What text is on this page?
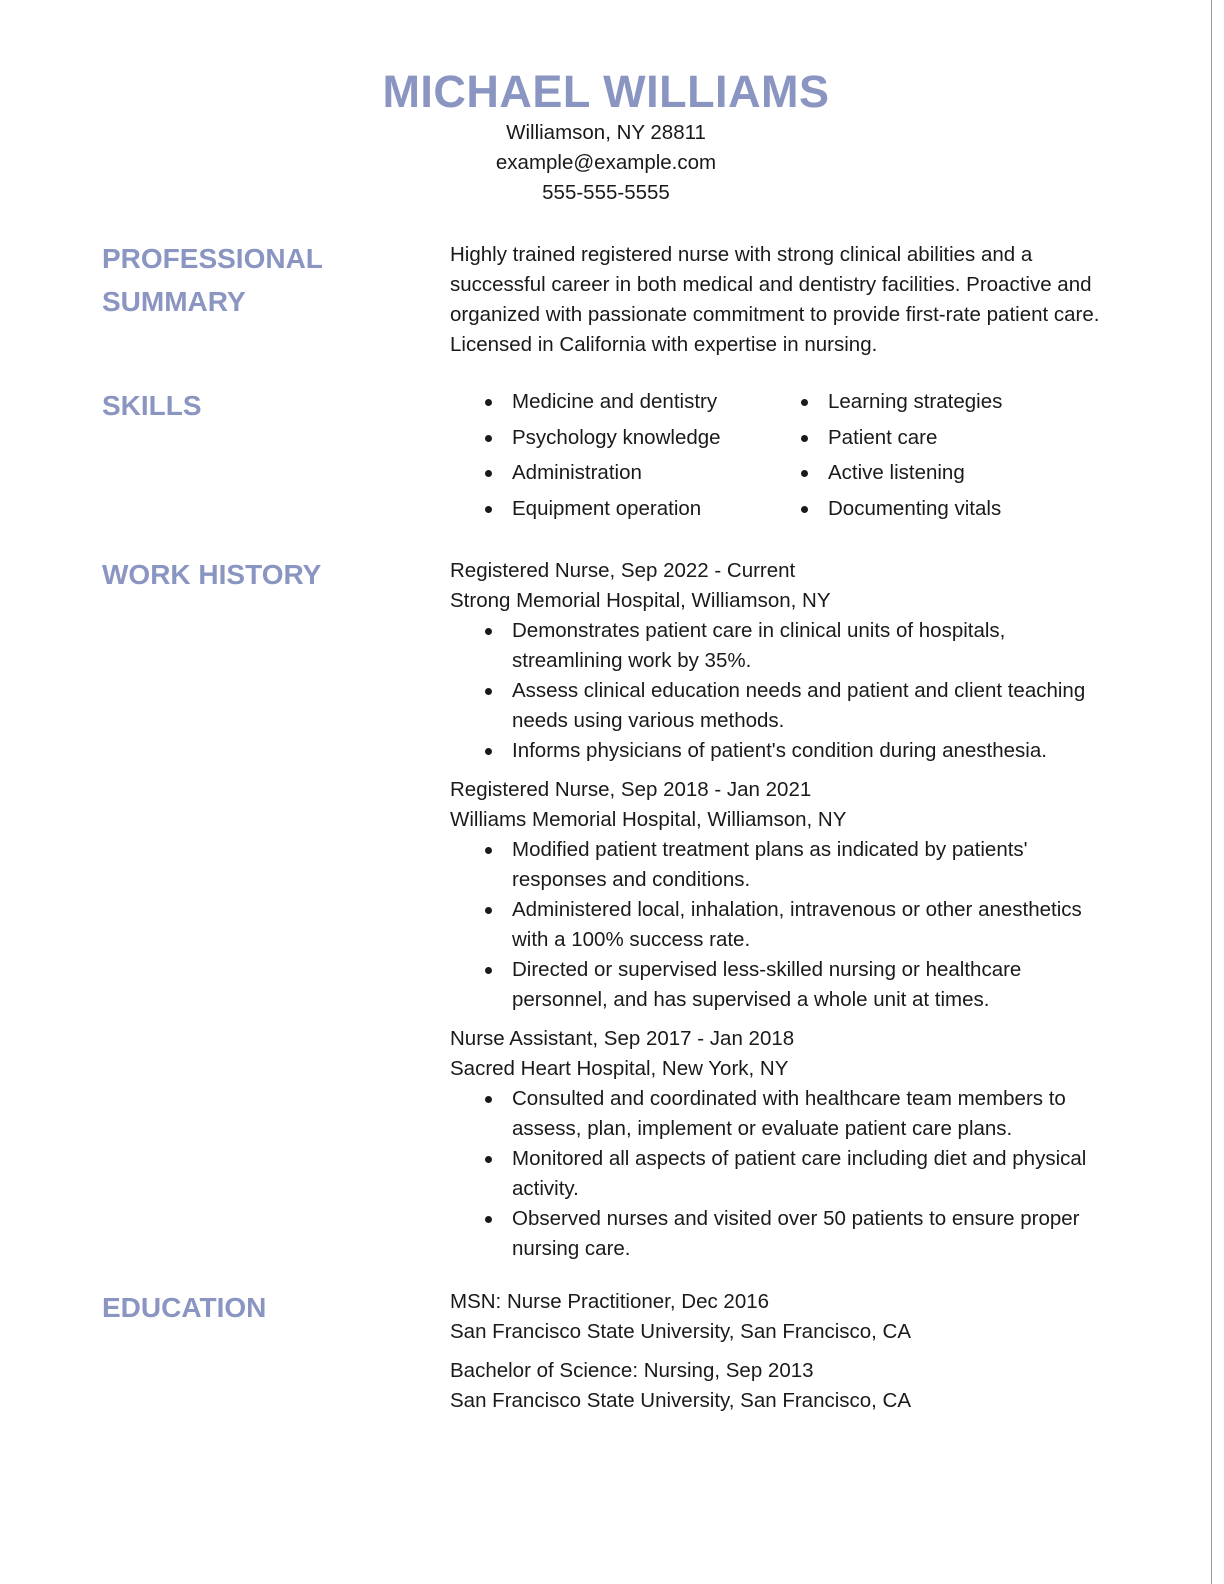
MICHAEL WILLIAMS
Williamson, NY 28811
example@example.com
555-555-5555
PROFESSIONAL
SUMMARY

Highly trained registered nurse with strong clinical abilities and a successful career in both medical and dentistry facilities. Proactive and organized with passionate commitment to provide first-rate patient care. Licensed in California with expertise in nursing.

SKILLS	Medicine and dentistry
Psychology knowledge
Administration
Equipment operation
Learning strategies
Patient care
Active listening
Documenting vitals
WORK HISTORY	Registered Nurse, Sep 2022 - Current
Strong Memorial Hospital, Williamson, NY
Demonstrates patient care in clinical units of hospitals, streamlining work by 35%.
Assess clinical education needs and patient and client teaching needs using various methods.
Informs physicians of patient's condition during anesthesia.
Registered Nurse, Sep 2018 - Jan 2021
Williams Memorial Hospital, Williamson, NY
Modified patient treatment plans as indicated by patients' responses and conditions.
Administered local, inhalation, intravenous or other anesthetics with a 100% success rate.
Directed or supervised less-skilled nursing or healthcare personnel, and has supervised a whole unit at times.
Nurse Assistant, Sep 2017 - Jan 2018
Sacred Heart Hospital, New York, NY
Consulted and coordinated with healthcare team members to assess, plan, implement or evaluate patient care plans.
Monitored all aspects of patient care including diet and physical activity.
Observed nurses and visited over 50 patients to ensure proper nursing care.
EDUCATION	MSN: Nurse Practitioner, Dec 2016
San Francisco State University, San Francisco, CA
Bachelor of Science: Nursing, Sep 2013
San Francisco State University, San Francisco, CA
